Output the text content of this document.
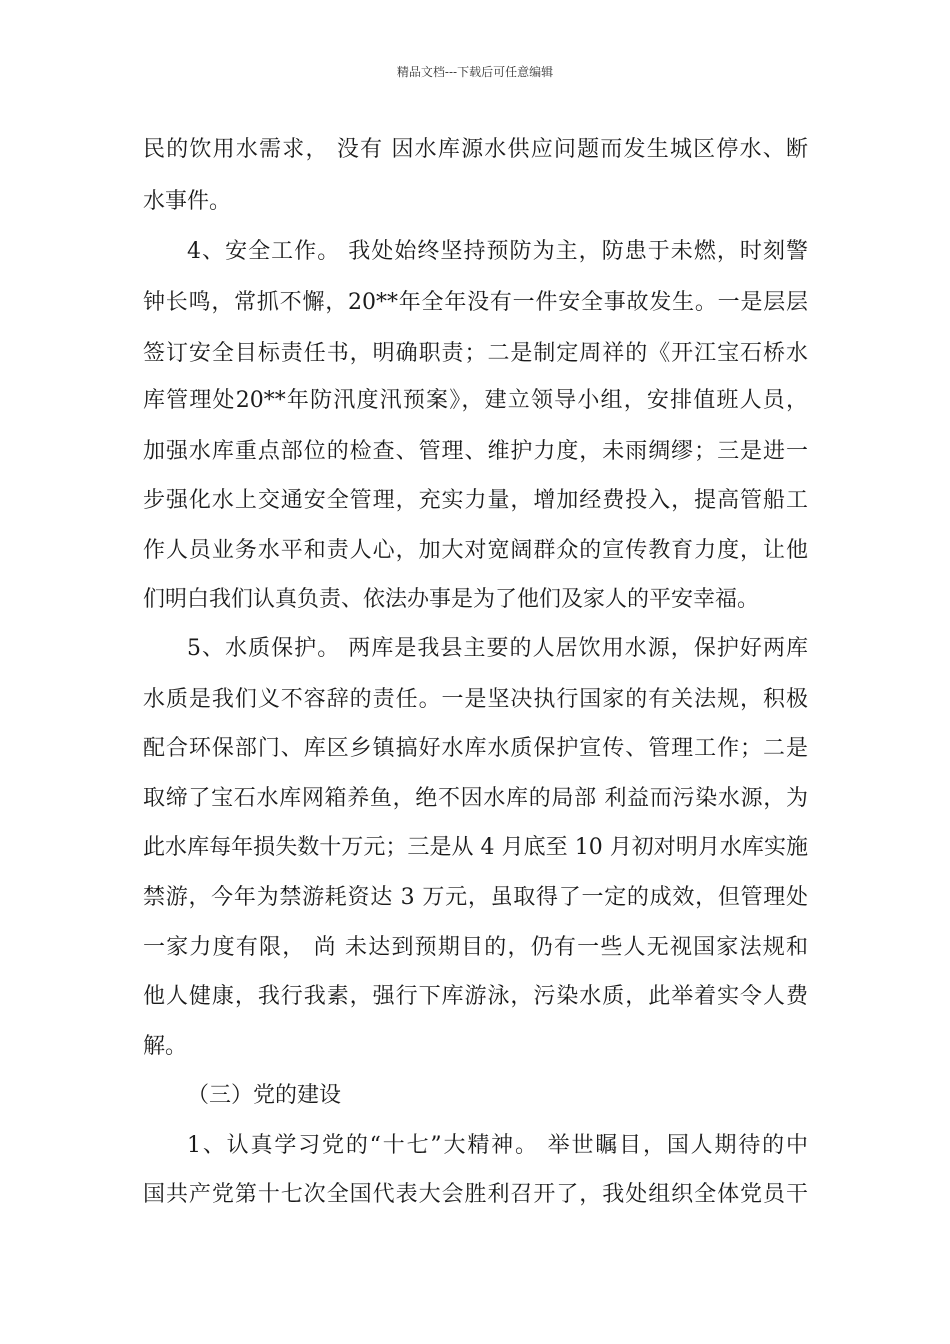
精品文档---下载后可任意编辑
民的饮用水需求， 没有 因水库源水供应问题而发生城区停水、断
水事件。
4、安全工作。 我处始终坚持预防为主，防患于未燃，时刻警
钟长鸣，常抓不懈，20**年全年没有一件安全事故发生。一是层层
签订安全目标责任书，明确职责；二是制定周祥的《开江宝石桥水
库管理处20**年防汛度汛预案》，建立领导小组，安排值班人员，
加强水库重点部位的检查、管理、维护力度，未雨绸缪；三是进一
步强化水上交通安全管理，充实力量，增加经费投入，提高管船工
作人员业务水平和责人心，加大对宽阔群众的宣传教育力度，让他
们明白我们认真负责、依法办事是为了他们及家人的平安幸福。
5、水质保护。 两库是我县主要的人居饮用水源，保护好两库
水质是我们义不容辞的责任。一是坚决执行国家的有关法规，积极
配合环保部门、库区乡镇搞好水库水质保护宣传、管理工作；二是
取缔了宝石水库网箱养鱼，绝不因水库的局部 利益而污染水源，为
此水库每年损失数十万元；三是从 4 月底至 10 月初对明月水库实施
禁游，今年为禁游耗资达 3 万元，虽取得了一定的成效，但管理处
一家力度有限， 尚 未达到预期目的，仍有一些人无视国家法规和
他人健康，我行我素，强行下库游泳，污染水质，此举着实令人费
解。
（三）党的建设
1、认真学习党的“十七”大精神。 举世瞩目，国人期待的中
国共产党第十七次全国代表大会胜利召开了，我处组织全体党员干
